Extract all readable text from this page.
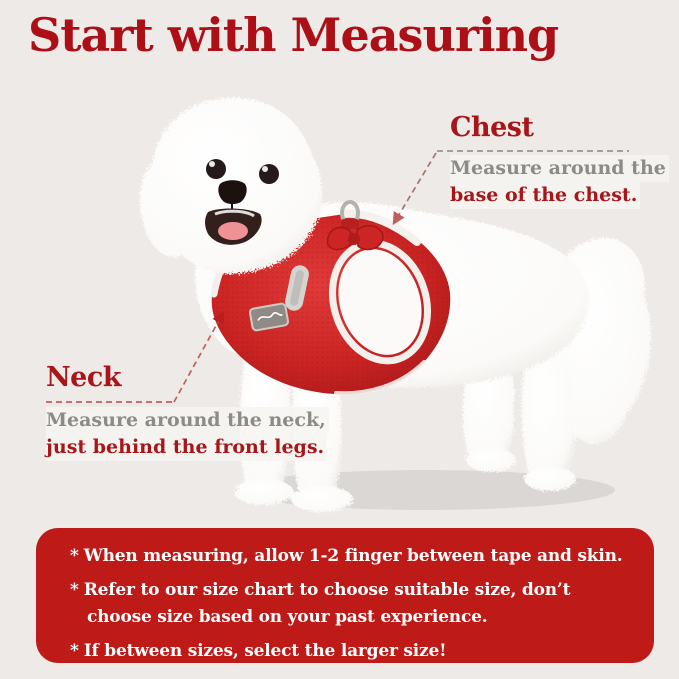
Start with Measuring
Chest
Measure around the
base of the chest.
Neck
Measure around the neck,
just behind the front legs.
* When measuring, allow 1-2 finger between tape and skin.
* Refer to our size chart to choose suitable size, don’t choose size based on your past experience.
* If between sizes, select the larger size!
